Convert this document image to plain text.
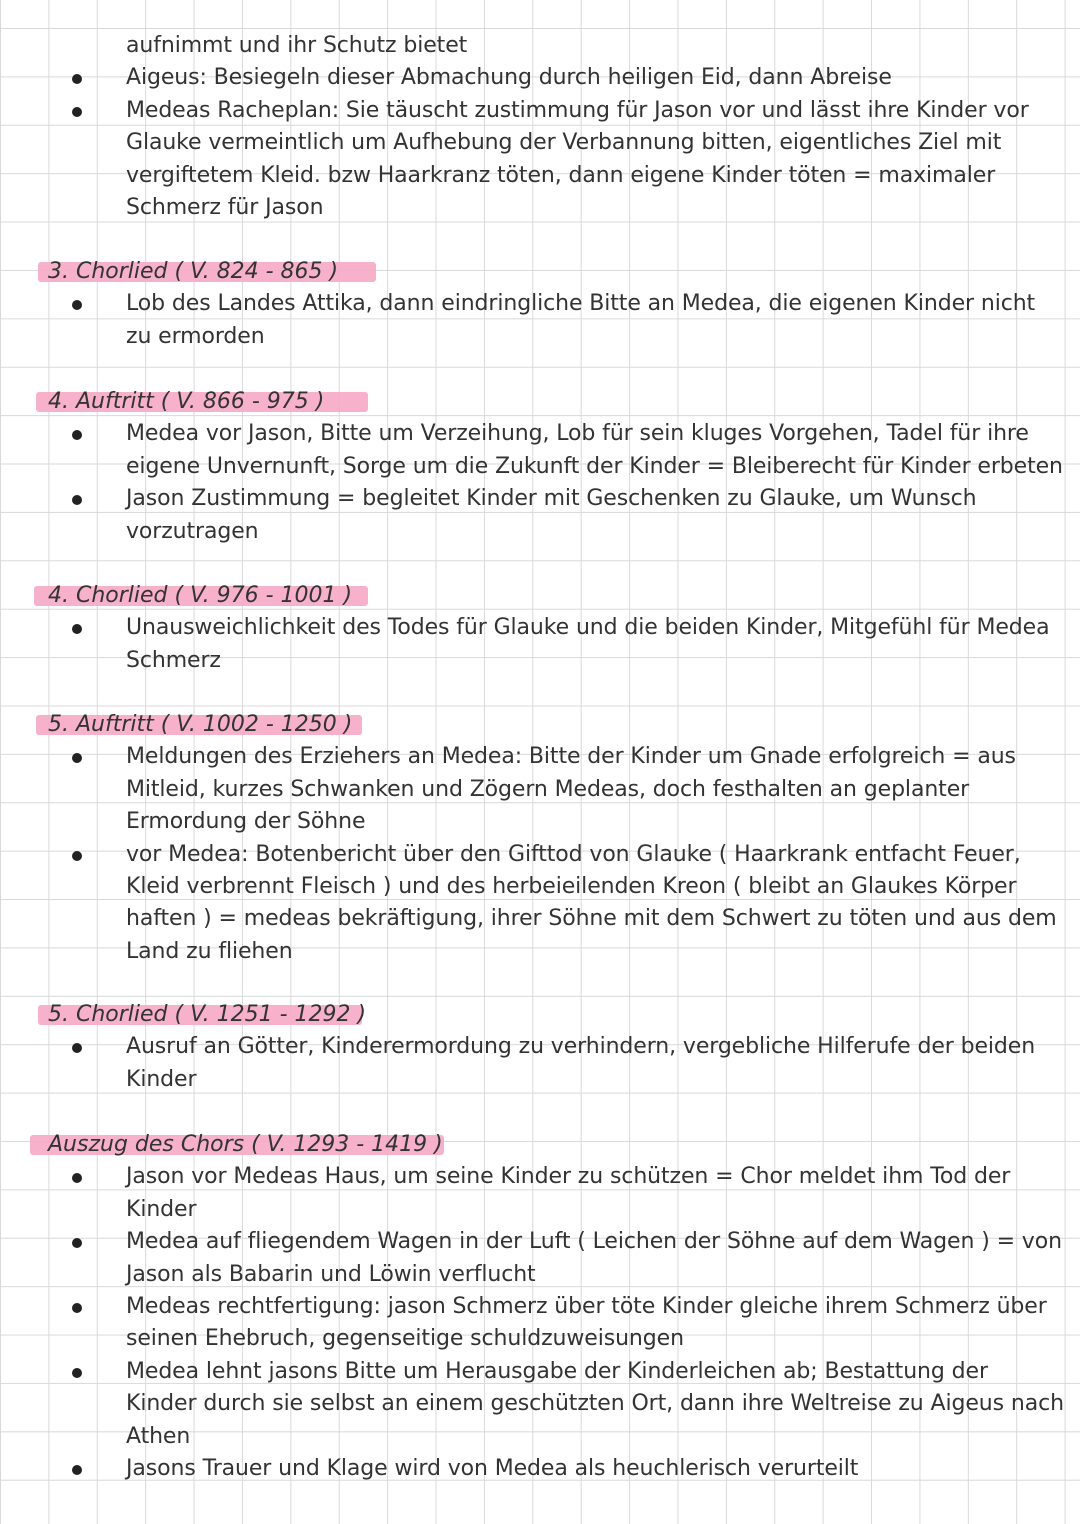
aufnimmt und ihr Schutz bietet
Aigeus: Besiegeln dieser Abmachung durch heiligen Eid, dann Abreise
Medeas Racheplan: Sie täuscht zustimmung für Jason vor und lässt ihre Kinder vor
Glauke vermeintlich um Aufhebung der Verbannung bitten, eigentliches Ziel mit
vergiftetem Kleid. bzw Haarkranz töten, dann eigene Kinder töten = maximaler
Schmerz für Jason
3. Chorlied ( V. 824 - 865 )
Lob des Landes Attika, dann eindringliche Bitte an Medea, die eigenen Kinder nicht
zu ermorden
4. Auftritt ( V. 866 - 975 )
Medea vor Jason, Bitte um Verzeihung, Lob für sein kluges Vorgehen, Tadel für ihre
eigene Unvernunft, Sorge um die Zukunft der Kinder = Bleiberecht für Kinder erbeten
Jason Zustimmung = begleitet Kinder mit Geschenken zu Glauke, um Wunsch
vorzutragen
4. Chorlied ( V. 976 - 1001 )
Unausweichlichkeit des Todes für Glauke und die beiden Kinder, Mitgefühl für Medea
Schmerz
5. Auftritt ( V. 1002 - 1250 )
Meldungen des Erziehers an Medea: Bitte der Kinder um Gnade erfolgreich = aus
Mitleid, kurzes Schwanken und Zögern Medeas, doch festhalten an geplanter
Ermordung der Söhne
vor Medea: Botenbericht über den Gifttod von Glauke ( Haarkrank entfacht Feuer,
Kleid verbrennt Fleisch ) und des herbeieilenden Kreon ( bleibt an Glaukes Körper
haften ) = medeas bekräftigung, ihrer Söhne mit dem Schwert zu töten und aus dem
Land zu fliehen
5. Chorlied ( V. 1251 - 1292 )
Ausruf an Götter, Kinderermordung zu verhindern, vergebliche Hilferufe der beiden
Kinder
Auszug des Chors ( V. 1293 - 1419 )
Jason vor Medeas Haus, um seine Kinder zu schützen = Chor meldet ihm Tod der
Kinder
Medea auf fliegendem Wagen in der Luft ( Leichen der Söhne auf dem Wagen ) = von
Jason als Babarin und Löwin verflucht
Medeas rechtfertigung: jason Schmerz über töte Kinder gleiche ihrem Schmerz über
seinen Ehebruch, gegenseitige schuldzuweisungen
Medea lehnt jasons Bitte um Herausgabe der Kinderleichen ab; Bestattung der
Kinder durch sie selbst an einem geschützten Ort, dann ihre Weltreise zu Aigeus nach
Athen
Jasons Trauer und Klage wird von Medea als heuchlerisch verurteilt
